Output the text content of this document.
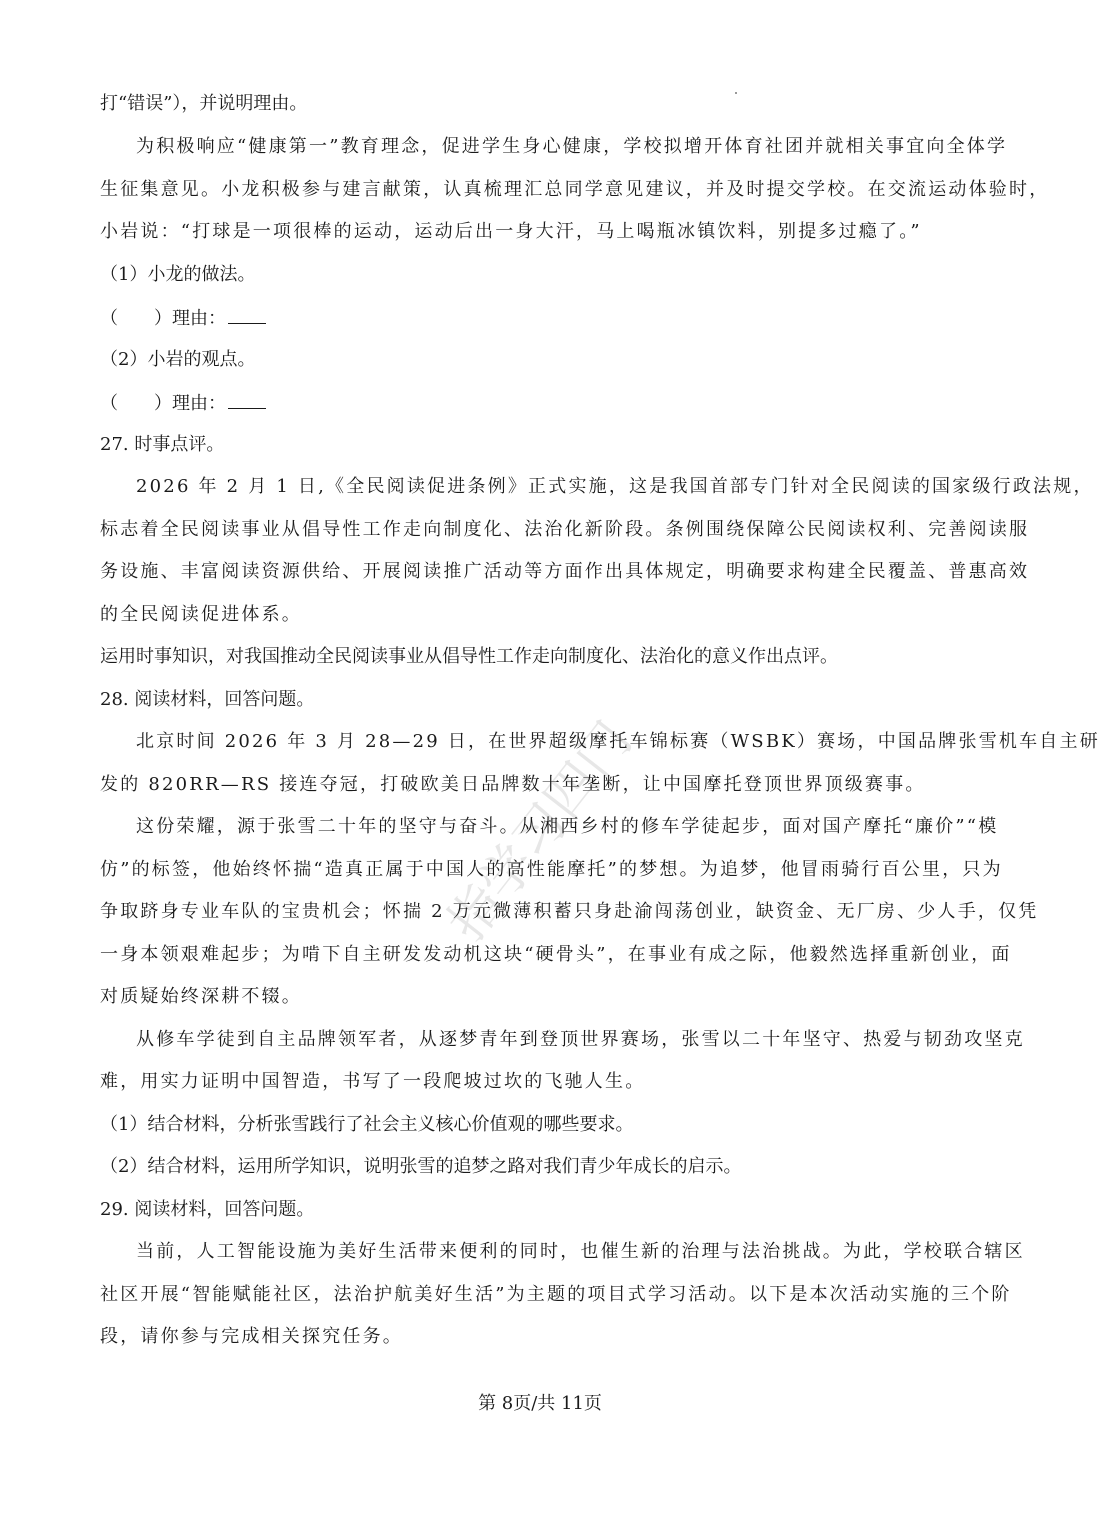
指学习四门
打“错误”），并说明理由。
为积极响应“健康第一”教育理念，促进学生身心健康，学校拟增开体育社团并就相关事宜向全体学
生征集意见。小龙积极参与建言献策，认真梳理汇总同学意见建议，并及时提交学校。在交流运动体验时，
小岩说：“打球是一项很棒的运动，运动后出一身大汗，马上喝瓶冰镇饮料，别提多过瘾了。”
（1）小龙的做法。
（　　）理由：
（2）小岩的观点。
（　　）理由：
27. 时事点评。
2026 年 2 月 1 日,《全民阅读促进条例》正式实施，这是我国首部专门针对全民阅读的国家级行政法规，
标志着全民阅读事业从倡导性工作走向制度化、法治化新阶段。条例围绕保障公民阅读权利、完善阅读服
务设施、丰富阅读资源供给、开展阅读推广活动等方面作出具体规定，明确要求构建全民覆盖、普惠高效
的全民阅读促进体系。
运用时事知识，对我国推动全民阅读事业从倡导性工作走向制度化、法治化的意义作出点评。
28. 阅读材料，回答问题。
北京时间 2026 年 3 月 28—29 日，在世界超级摩托车锦标赛（WSBK）赛场，中国品牌张雪机车自主研
发的 820RR—RS 接连夺冠，打破欧美日品牌数十年垄断，让中国摩托登顶世界顶级赛事。
这份荣耀，源于张雪二十年的坚守与奋斗。从湘西乡村的修车学徒起步，面对国产摩托“廉价”“模
仿”的标签，他始终怀揣“造真正属于中国人的高性能摩托”的梦想。为追梦，他冒雨骑行百公里，只为
争取跻身专业车队的宝贵机会；怀揣 2 万元微薄积蓄只身赴渝闯荡创业，缺资金、无厂房、少人手，仅凭
一身本领艰难起步；为啃下自主研发发动机这块“硬骨头”，在事业有成之际，他毅然选择重新创业，面
对质疑始终深耕不辍。
从修车学徒到自主品牌领军者，从逐梦青年到登顶世界赛场，张雪以二十年坚守、热爱与韧劲攻坚克
难，用实力证明中国智造，书写了一段爬坡过坎的飞驰人生。
（1）结合材料，分析张雪践行了社会主义核心价值观的哪些要求。
（2）结合材料，运用所学知识，说明张雪的追梦之路对我们青少年成长的启示。
29. 阅读材料，回答问题。
当前，人工智能设施为美好生活带来便利的同时，也催生新的治理与法治挑战。为此，学校联合辖区
社区开展“智能赋能社区，法治护航美好生活”为主题的项目式学习活动。以下是本次活动实施的三个阶
段，请你参与完成相关探究任务。
第 8页/共 11页
